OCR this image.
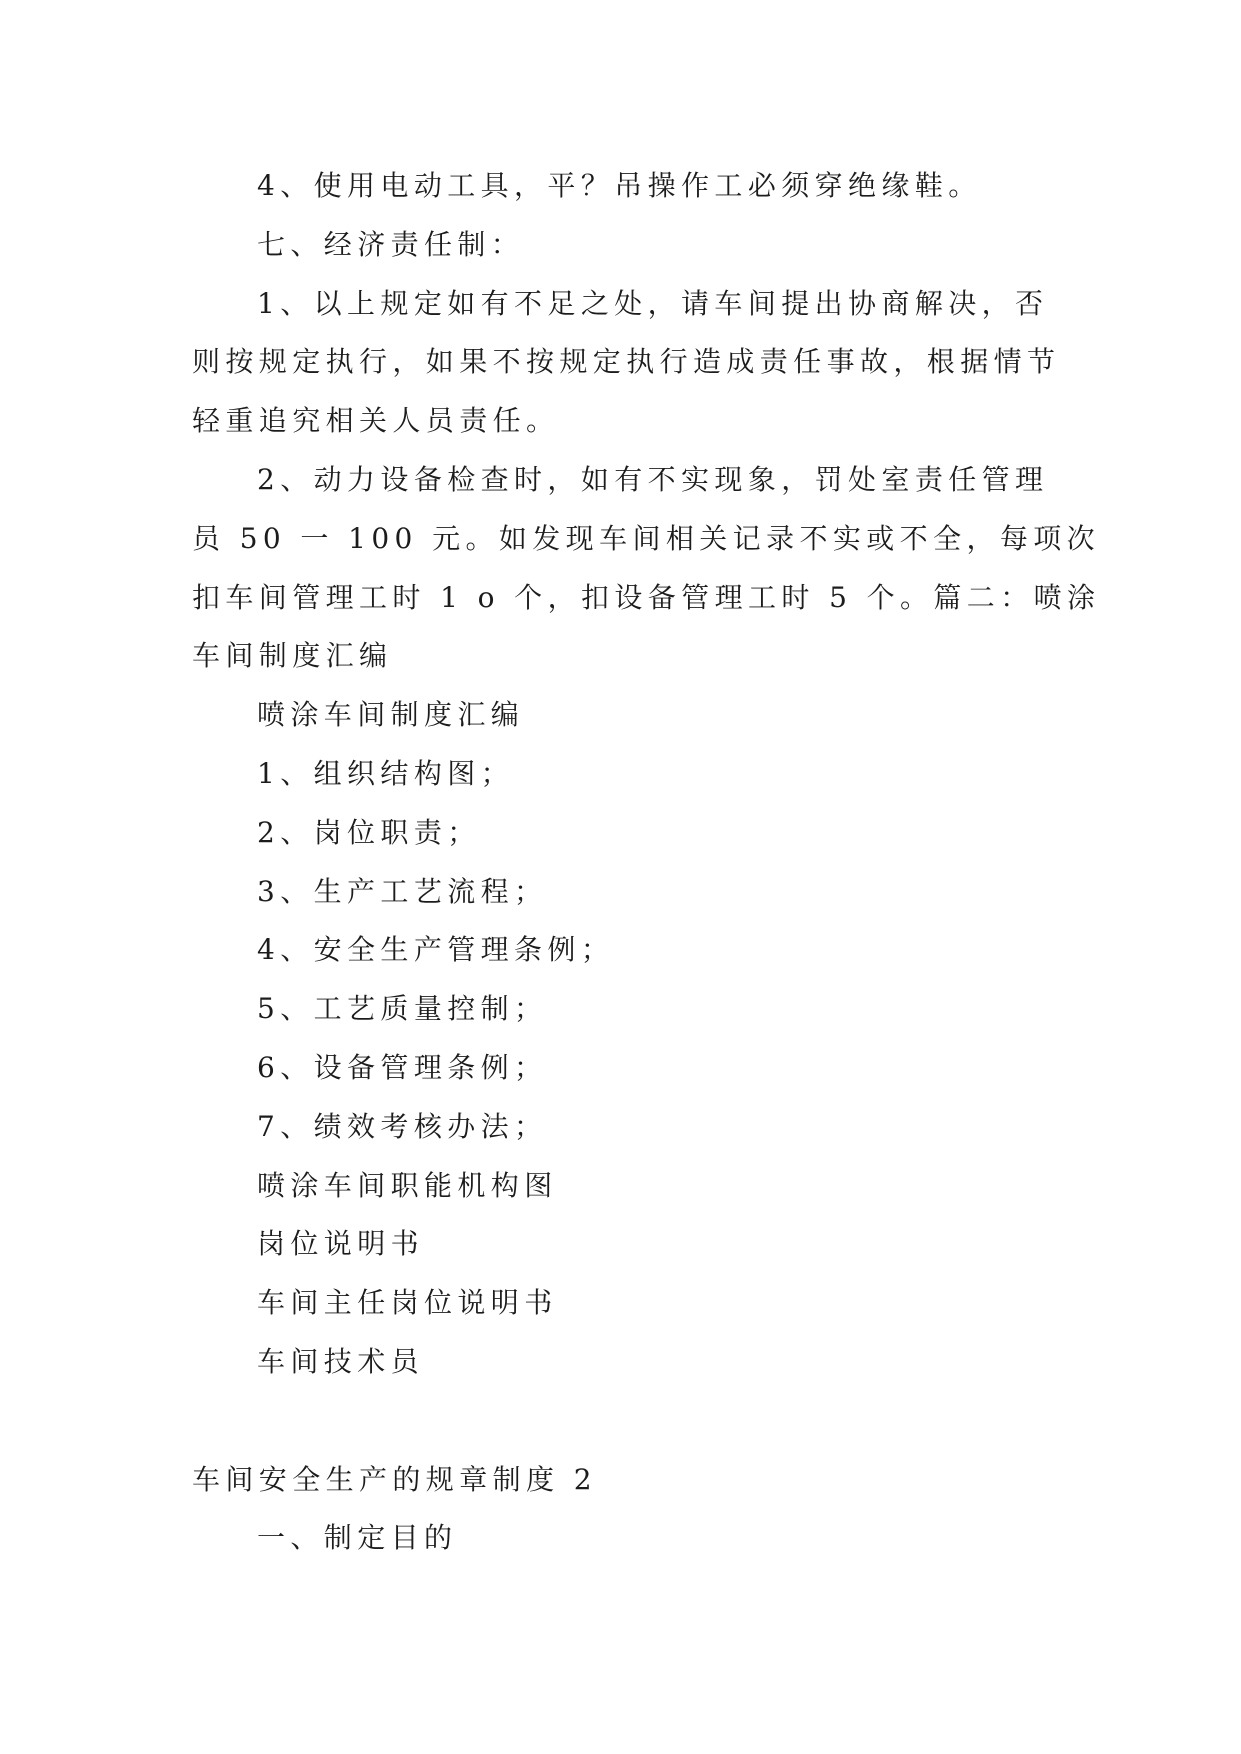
4、使用电动工具，平？吊操作工必须穿绝缘鞋。
七、经济责任制：
1、以上规定如有不足之处，请车间提出协商解决，否
则按规定执行，如果不按规定执行造成责任事故，根据情节
轻重追究相关人员责任。
2、动力设备检查时，如有不实现象，罚处室责任管理
员 50 一 100 元。如发现车间相关记录不实或不全，每项次
扣车间管理工时 1 o 个，扣设备管理工时 5 个。篇二：喷涂
车间制度汇编
喷涂车间制度汇编
1、组织结构图；
2、岗位职责；
3、生产工艺流程；
4、安全生产管理条例；
5、工艺质量控制；
6、设备管理条例；
7、绩效考核办法；
喷涂车间职能机构图
岗位说明书
车间主任岗位说明书
车间技术员
车间安全生产的规章制度 2
一、制定目的
